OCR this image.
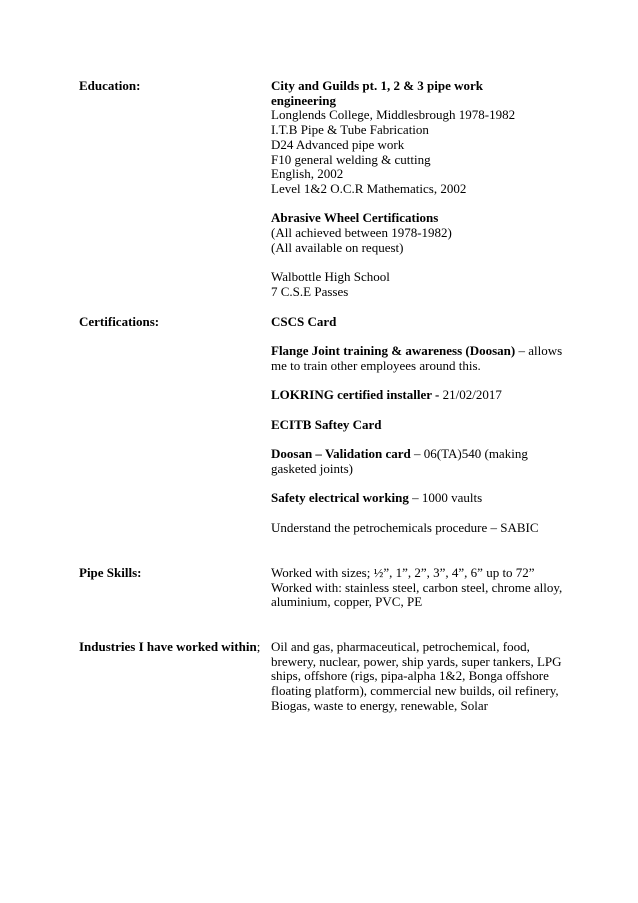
Education:	City and Guilds pt. 1, 2 & 3 pipe work
engineering
Longlends College, Middlesbrough 1978-1982
I.T.B Pipe & Tube Fabrication
D24 Advanced pipe work
F10 general welding & cutting
English, 2002
Level 1&2 O.C.R Mathematics, 2002
Abrasive Wheel Certifications
(All achieved between 1978-1982)
(All available on request)
Walbottle High School
7 C.S.E Passes
Certifications:	CSCS Card
Flange Joint training & awareness (Doosan) – allows
me to train other employees around this.
LOKRING certified installer - 21/02/2017
ECITB Saftey Card
Doosan – Validation card – 06(TA)540 (making
gasketed joints)
Safety electrical working – 1000 vaults
Understand the petrochemicals procedure – SABIC
Pipe Skills:	Worked with sizes; ½”, 1”, 2”, 3”, 4”, 6” up to 72”
Worked with: stainless steel, carbon steel, chrome alloy,
aluminium, copper, PVC, PE
Industries I have worked within; Oil and gas, pharmaceutical, petrochemical, food,
brewery, nuclear, power, ship yards, super tankers, LPG
ships, offshore (rigs, pipa-alpha 1&2, Bonga offshore
floating platform), commercial new builds, oil refinery,
Biogas, waste to energy, renewable, Solar
